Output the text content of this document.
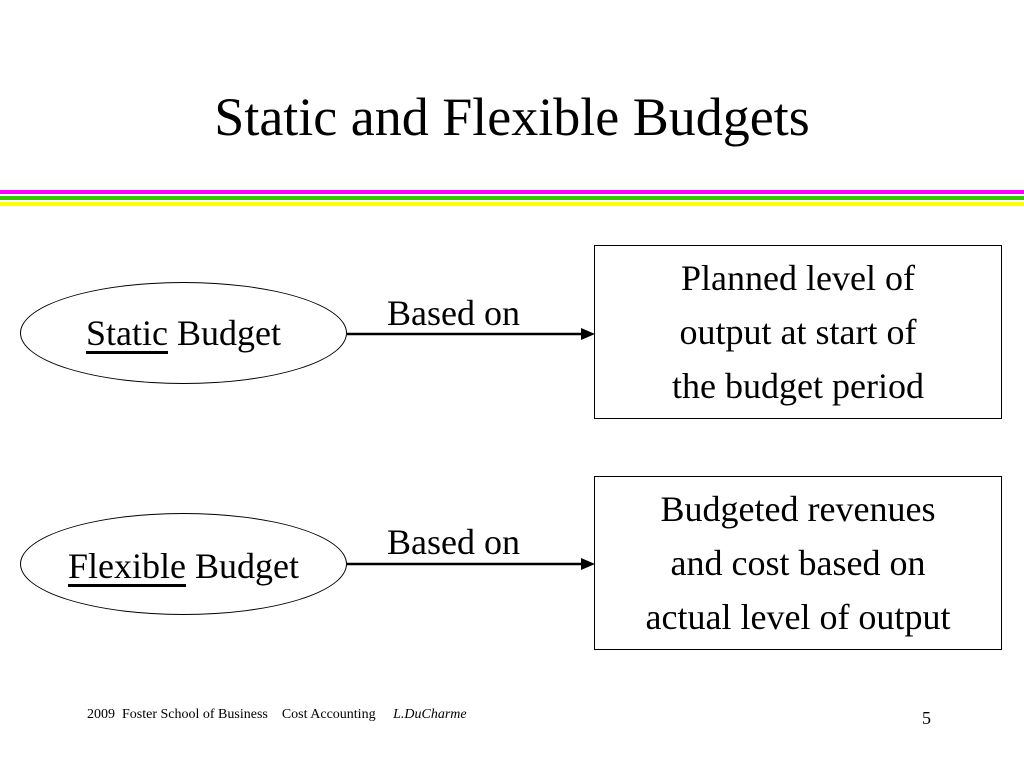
Static and Flexible Budgets
Static Budget	Based on
Planned level of
output at start of
the budget period
Flexible Budget
Based on
Budgeted revenues
and cost based on
actual level of output
2009  Foster School of Business Cost Accounting L.DuCharme	5
